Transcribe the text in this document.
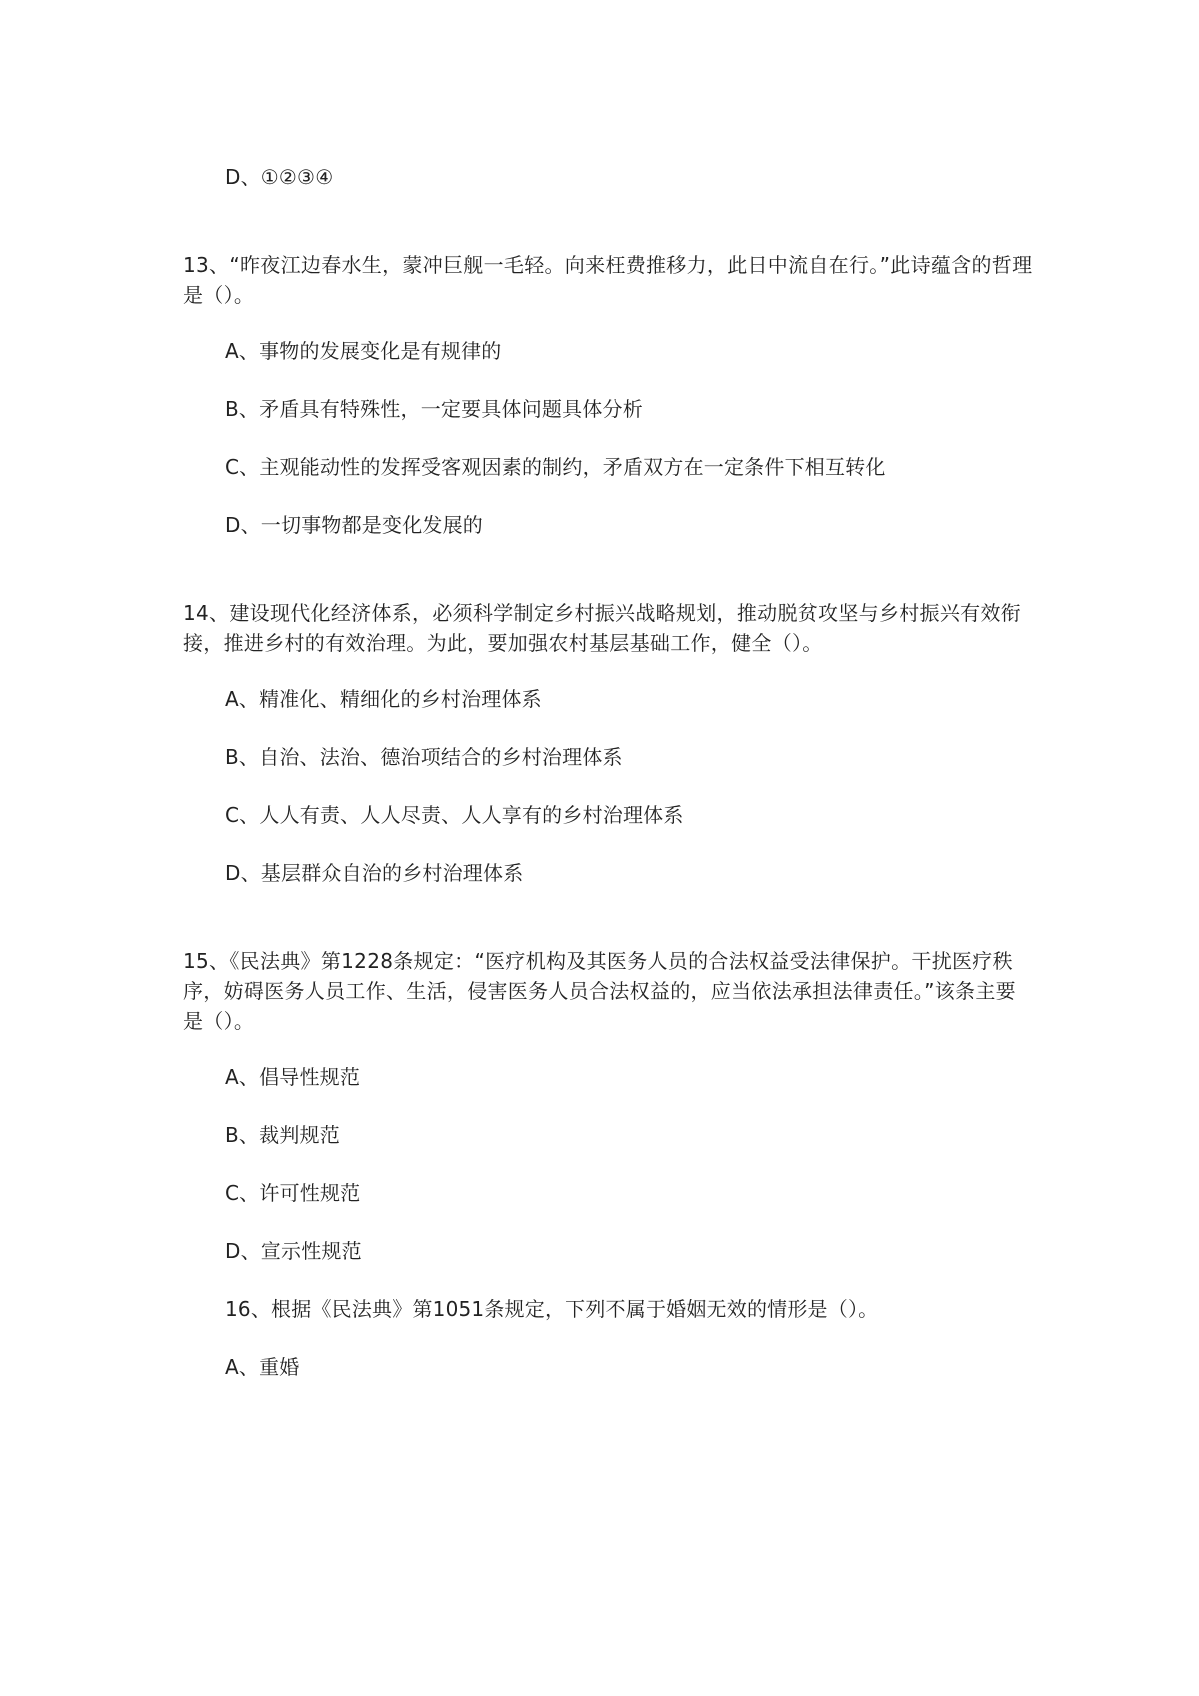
D、①②③④
13、“昨夜江边春水生，蒙冲巨舰一毛轻。向来枉费推移力，此日中流自在行。”此诗蕴含的哲理是（）。
A、事物的发展变化是有规律的
B、矛盾具有特殊性，一定要具体问题具体分析
C、主观能动性的发挥受客观因素的制约，矛盾双方在一定条件下相互转化
D、一切事物都是变化发展的
14、建设现代化经济体系，必须科学制定乡村振兴战略规划，推动脱贫攻坚与乡村振兴有效衔接，推进乡村的有效治理。为此，要加强农村基层基础工作，健全（）。
A、精准化、精细化的乡村治理体系
B、自治、法治、德治项结合的乡村治理体系
C、人人有责、人人尽责、人人享有的乡村治理体系
D、基层群众自治的乡村治理体系
15、《民法典》第1228条规定：“医疗机构及其医务人员的合法权益受法律保护。干扰医疗秩序，妨碍医务人员工作、生活，侵害医务人员合法权益的，应当依法承担法律责任。”该条主要是（）。
A、倡导性规范
B、裁判规范
C、许可性规范
D、宣示性规范
16、根据《民法典》第1051条规定，下列不属于婚姻无效的情形是（）。
A、重婚
